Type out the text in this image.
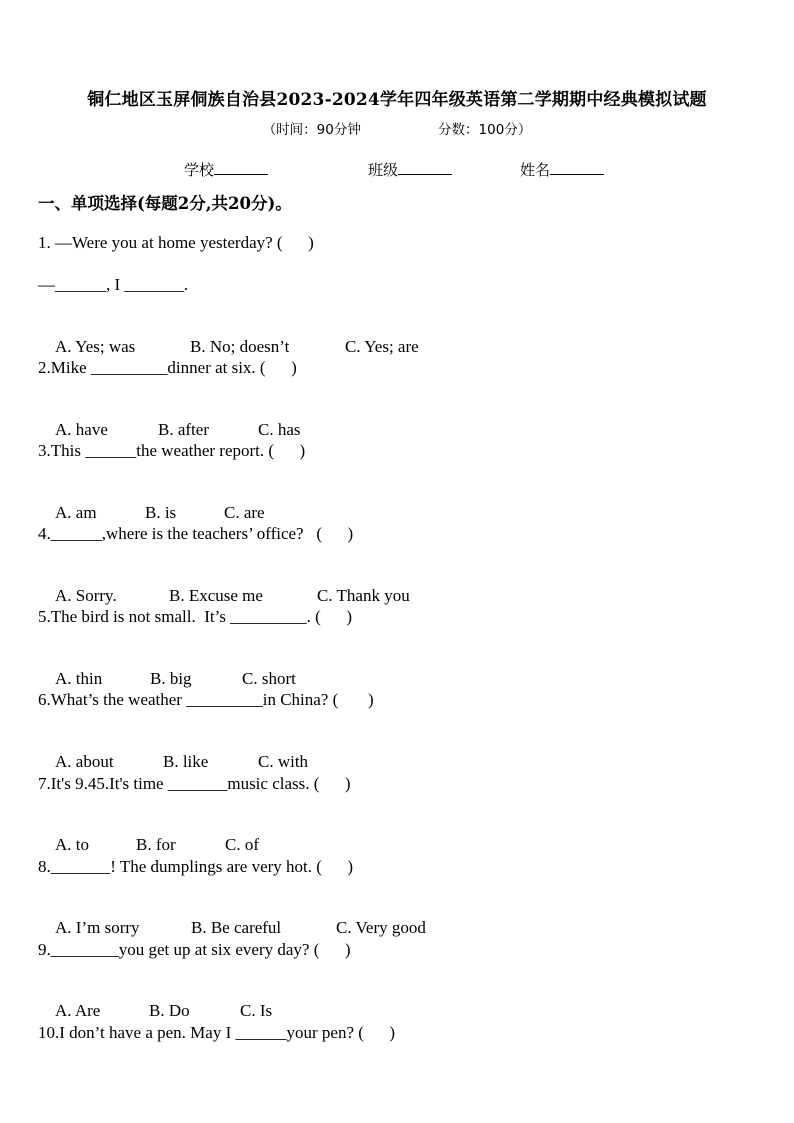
铜仁地区玉屏侗族自治县2023-2024学年四年级英语第二学期期中经典模拟试题
（时间：90分钟                  分数：100分）
学校	班级	姓名
一、单项选择(每题2分,共20分)。
1. —Were you at home yesterday? (      )
—______, I _______.

A. Yes; was	B. No; doesn’t	C. Yes; are

2.Mike _________dinner at six. (      )

A. have	B. after	C. has

3.This ______the weather report. (      )

A. am	B. is	C. are

4.______,where is the teachers’ office?   (      )

A. Sorry.	B. Excuse me	C. Thank you

5.The bird is not small.  It’s _________. (      )

A. thin	B. big	C. short

6.What’s the weather _________in China? (       )

A. about	B. like	C. with

7.It's 9.45.It's time _______music class. (      )

A. to	B. for	C. of

8._______! The dumplings are very hot. (      )

A. I’m sorry	B. Be careful	C. Very good

9.________you get up at six every day? (      )

A. Are	B. Do	C. Is

10.I don’t have a pen. May I ______your pen? (      )
